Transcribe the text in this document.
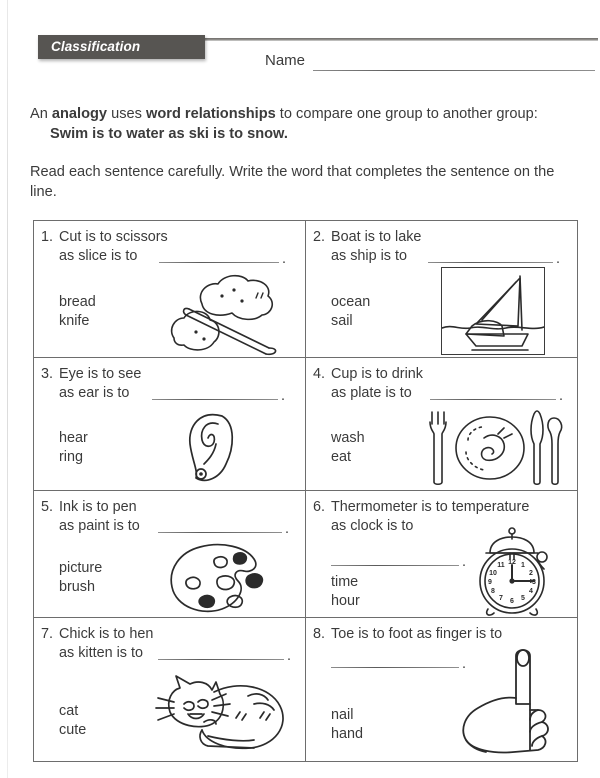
Classification
Name

An analogy uses word relationships to compare one group to another group:

Swim is to water as ski is to snow.

Read each sentence carefully. Write the word that completes the sentence on the line.

1. Cut is to scissors
as slice is to	.
bread
knife
2. Boat is to lake
as ship is to	.
ocean
sail
3. Eye is to see
as ear is to	.
hear
ring
4. Cup is to drink
as plate is to	.
wash
eat
5. Ink is to pen
as paint is to	.
picture
brush
6. Thermometer is to temperature
as clock is to
.
time
hour
12 1
2
3
4
5
6
7
8
9
10
11
7. Chick is to hen
as kitten is to	.
cat
cute
8. Toe is to foot as finger is to
.
nail
hand
